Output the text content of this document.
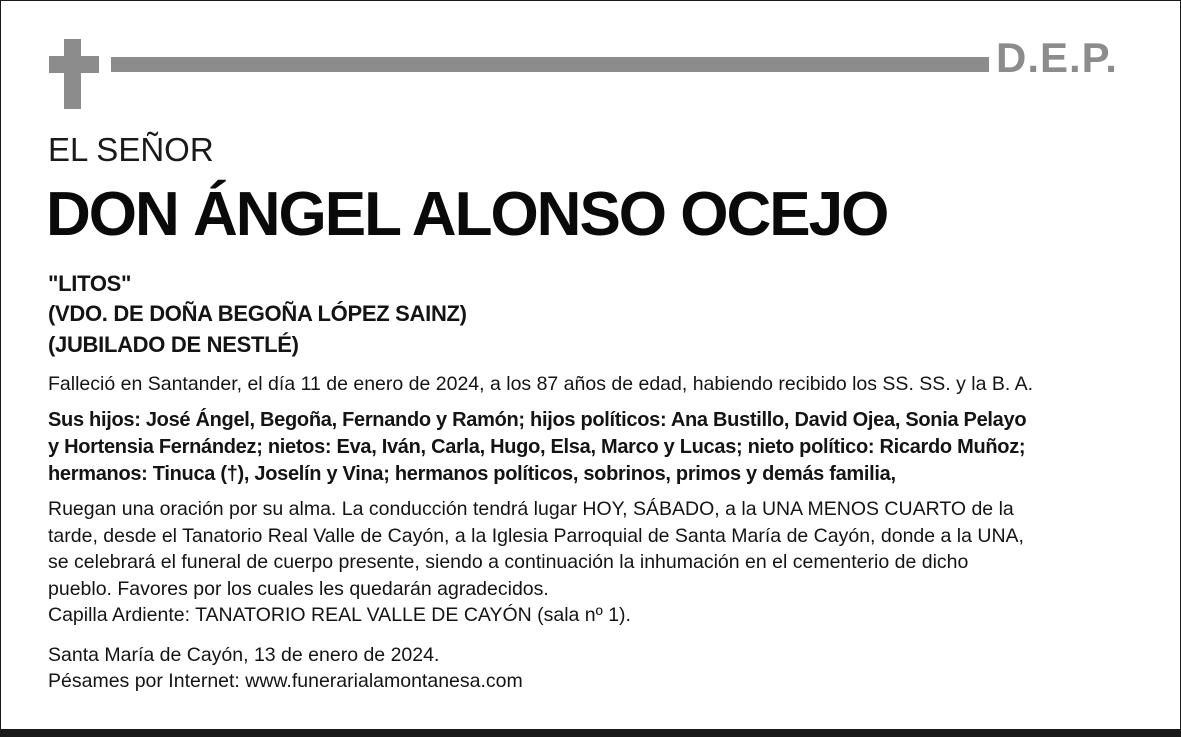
D.E.P.
EL SEÑOR
DON ÁNGEL ALONSO OCEJO
"LITOS"
(VDO. DE DOÑA BEGOÑA LÓPEZ SAINZ)
(JUBILADO DE NESTLÉ)
Falleció en Santander, el día 11 de enero de 2024, a los 87 años de edad, habiendo recibido los SS. SS. y la B. A.
Sus hijos: José Ángel, Begoña, Fernando y Ramón; hijos políticos: Ana Bustillo, David Ojea, Sonia Pelayo
y Hortensia Fernández; nietos: Eva, Iván, Carla, Hugo, Elsa, Marco y Lucas; nieto político: Ricardo Muñoz;
hermanos: Tinuca (†), Joselín y Vina; hermanos políticos, sobrinos, primos y demás familia,
Ruegan una oración por su alma. La conducción tendrá lugar HOY, SÁBADO, a la UNA MENOS CUARTO de la
tarde, desde el Tanatorio Real Valle de Cayón, a la Iglesia Parroquial de Santa María de Cayón, donde a la UNA,
se celebrará el funeral de cuerpo presente, siendo a continuación la inhumación en el cementerio de dicho
pueblo. Favores por los cuales les quedarán agradecidos.
Capilla Ardiente: TANATORIO REAL VALLE DE CAYÓN (sala nº 1).
Santa María de Cayón, 13 de enero de 2024.
Pésames por Internet: www.funerarialamontanesa.com
